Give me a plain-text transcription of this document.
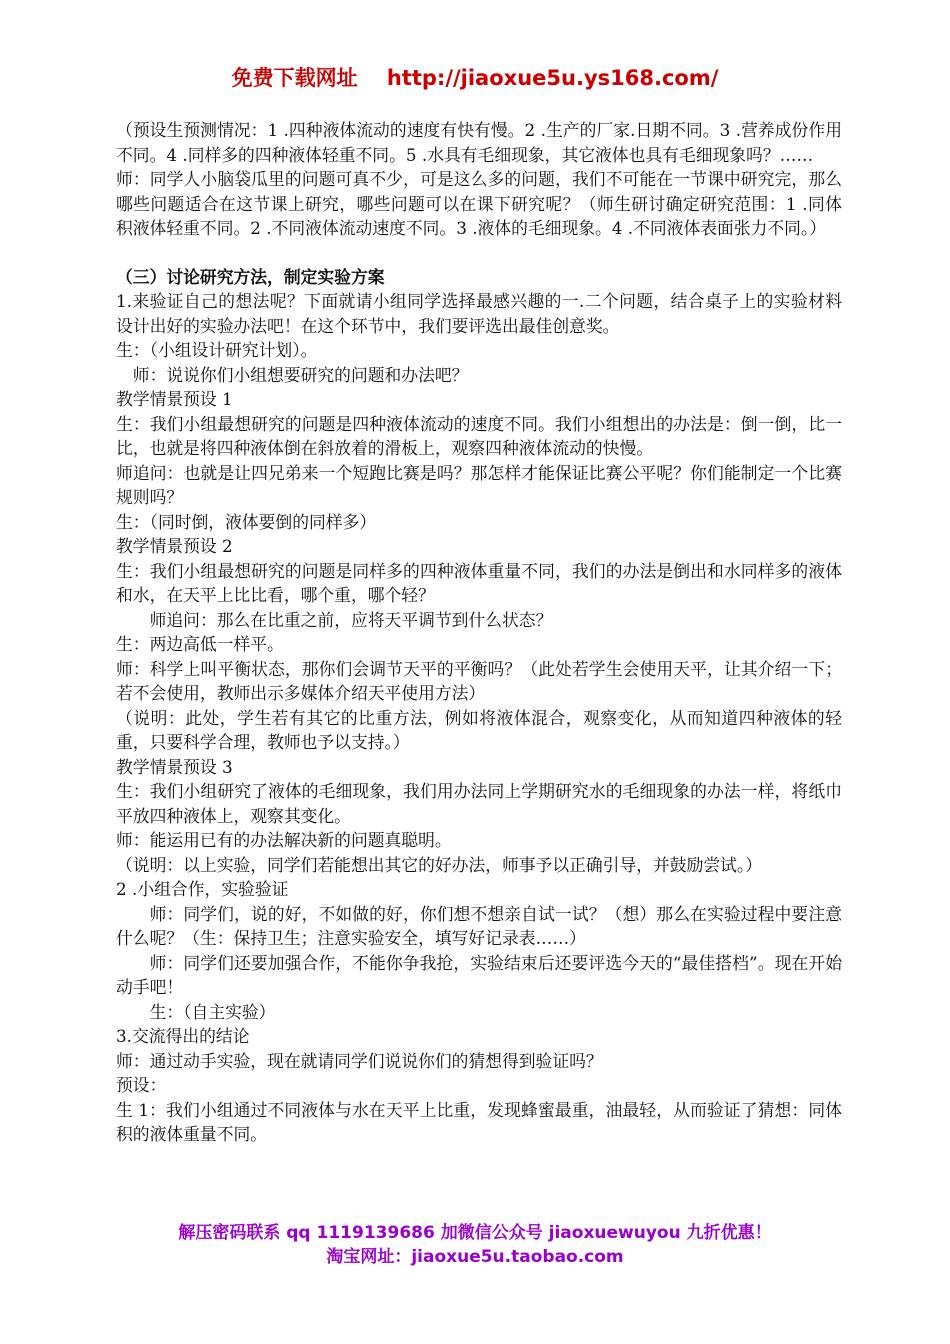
免费下载网址    http://jiaoxue5u.ys168.com/

（预设生预测情况：1 .四种液体流动的速度有快有慢。2 .生产的厂家.日期不同。3 .营养成份作用不同。4 .同样多的四种液体轻重不同。5 .水具有毛细现象，其它液体也具有毛细现象吗？……

师：同学人小脑袋瓜里的问题可真不少，可是这么多的问题，我们不可能在一节课中研究完，那么哪些问题适合在这节课上研究，哪些问题可以在课下研究呢？（师生研讨确定研究范围：1 .同体积液体轻重不同。2 .不同液体流动速度不同。3 .液体的毛细现象。4 .不同液体表面张力不同。）

（三）讨论研究方法，制定实验方案

1.来验证自己的想法呢？下面就请小组同学选择最感兴趣的一.二个问题，结合桌子上的实验材料设计出好的实验办法吧！在这个环节中，我们要评选出最佳创意奖。

生：（小组设计研究计划）。

师：说说你们小组想要研究的问题和办法吧？

教学情景预设 1

生：我们小组最想研究的问题是四种液体流动的速度不同。我们小组想出的办法是：倒一倒，比一比，也就是将四种液体倒在斜放着的滑板上，观察四种液体流动的快慢。

师追问：也就是让四兄弟来一个短跑比赛是吗？那怎样才能保证比赛公平呢？你们能制定一个比赛规则吗？

生：（同时倒，液体要倒的同样多）

教学情景预设 2

生：我们小组最想研究的问题是同样多的四种液体重量不同，我们的办法是倒出和水同样多的液体和水，在天平上比比看，哪个重，哪个轻？

师追问：那么在比重之前，应将天平调节到什么状态？

生：两边高低一样平。

师：科学上叫平衡状态，那你们会调节天平的平衡吗？（此处若学生会使用天平，让其介绍一下；若不会使用，教师出示多媒体介绍天平使用方法）

（说明：此处，学生若有其它的比重方法，例如将液体混合，观察变化，从而知道四种液体的轻重，只要科学合理，教师也予以支持。）

教学情景预设 3

生：我们小组研究了液体的毛细现象，我们用办法同上学期研究水的毛细现象的办法一样，将纸巾平放四种液体上，观察其变化。

师：能运用已有的办法解决新的问题真聪明。

（说明：以上实验，同学们若能想出其它的好办法，师事予以正确引导，并鼓励尝试。）

2 .小组合作，实验验证

师：同学们，说的好，不如做的好，你们想不想亲自试一试？（想）那么在实验过程中要注意什么呢？（生：保持卫生；注意实验安全，填写好记录表……）

师：同学们还要加强合作，不能你争我抢，实验结束后还要评选今天的“最佳搭档”。现在开始动手吧！

生：（自主实验）

3.交流得出的结论

师：通过动手实验，现在就请同学们说说你们的猜想得到验证吗？

预设：

生 1：我们小组通过不同液体与水在天平上比重，发现蜂蜜最重，油最轻，从而验证了猜想：同体积的液体重量不同。

解压密码联系 qq 1119139686 加微信公众号 jiaoxuewuyou 九折优惠！
淘宝网址：jiaoxue5u.taobao.com
